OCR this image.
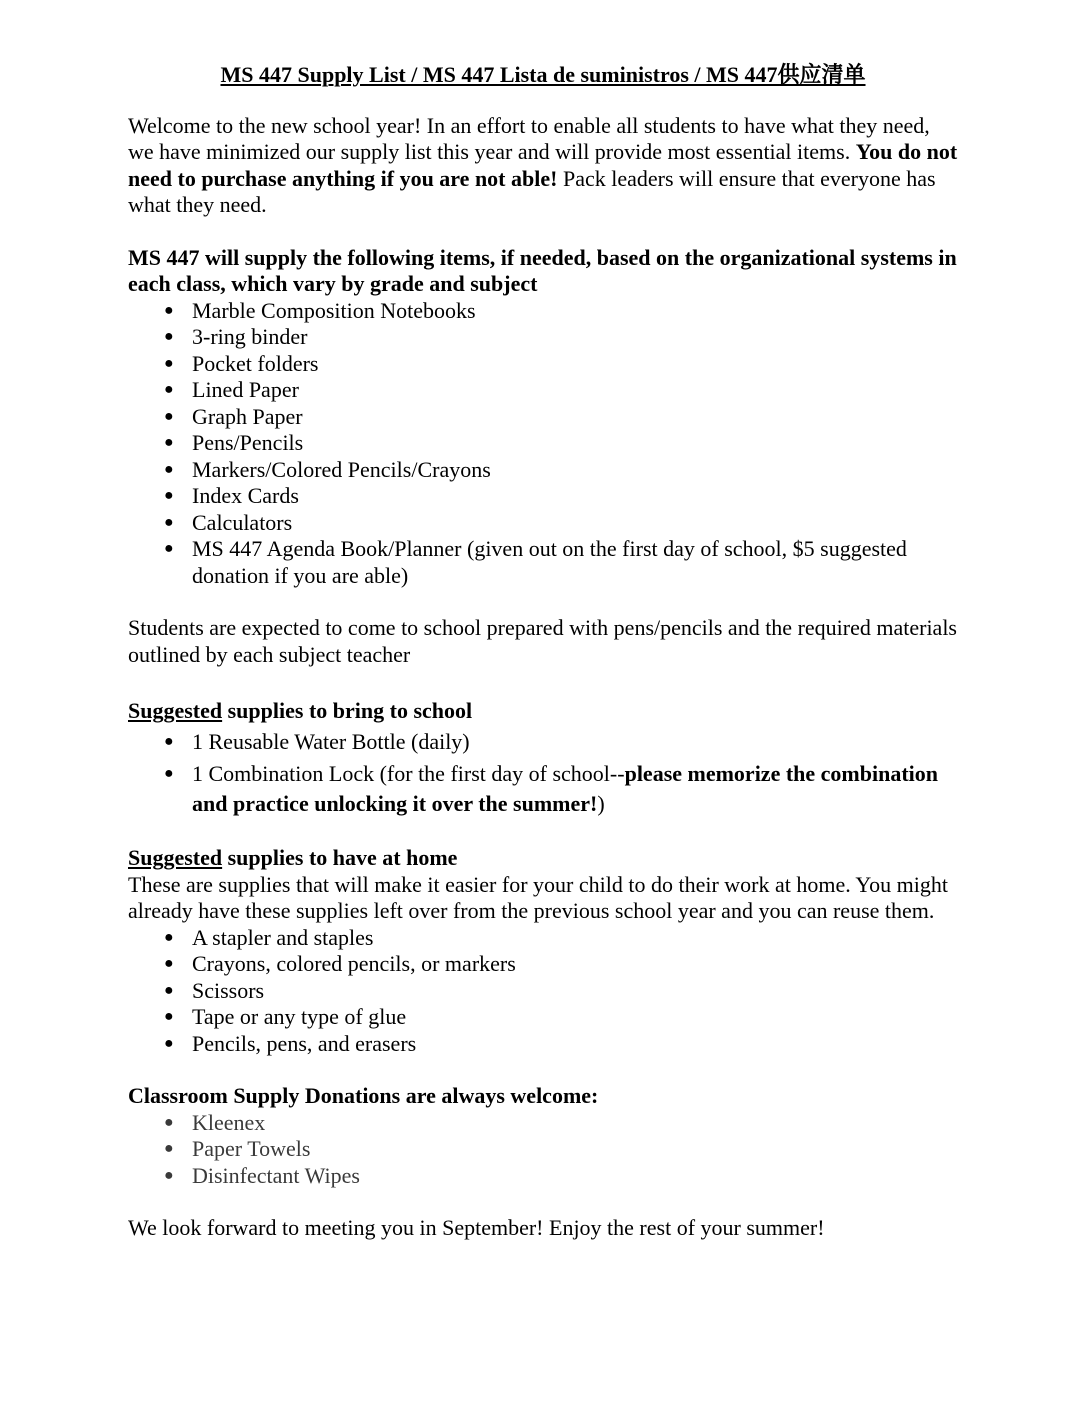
MS 447 Supply List / MS 447 Lista de suministros / MS 447供应清单

Welcome to the new school year! In an effort to enable all students to have what they need, we have minimized our supply list this year and will provide most essential items. You do not need to purchase anything if you are not able! Pack leaders will ensure that everyone has what they need.

MS 447 will supply the following items, if needed, based on the organizational systems in each class, which vary by grade and subject

● Marble Composition Notebooks
● 3-ring binder
● Pocket folders
● Lined Paper
● Graph Paper
● Pens/Pencils
● Markers/Colored Pencils/Crayons
● Index Cards
● Calculators
● MS 447 Agenda Book/Planner (given out on the first day of school, $5 suggested donation if you are able)

Students are expected to come to school prepared with pens/pencils and the required materials outlined by each subject teacher

Suggested supplies to bring to school

● 1 Reusable Water Bottle (daily)
● 1 Combination Lock (for the first day of school--please memorize the combination and practice unlocking it over the summer!)

Suggested supplies to have at home

These are supplies that will make it easier for your child to do their work at home. You might already have these supplies left over from the previous school year and you can reuse them.

● A stapler and staples
● Crayons, colored pencils, or markers
● Scissors
● Tape or any type of glue
● Pencils, pens, and erasers

Classroom Supply Donations are always welcome:

● Kleenex
● Paper Towels
● Disinfectant Wipes

We look forward to meeting you in September! Enjoy the rest of your summer!
